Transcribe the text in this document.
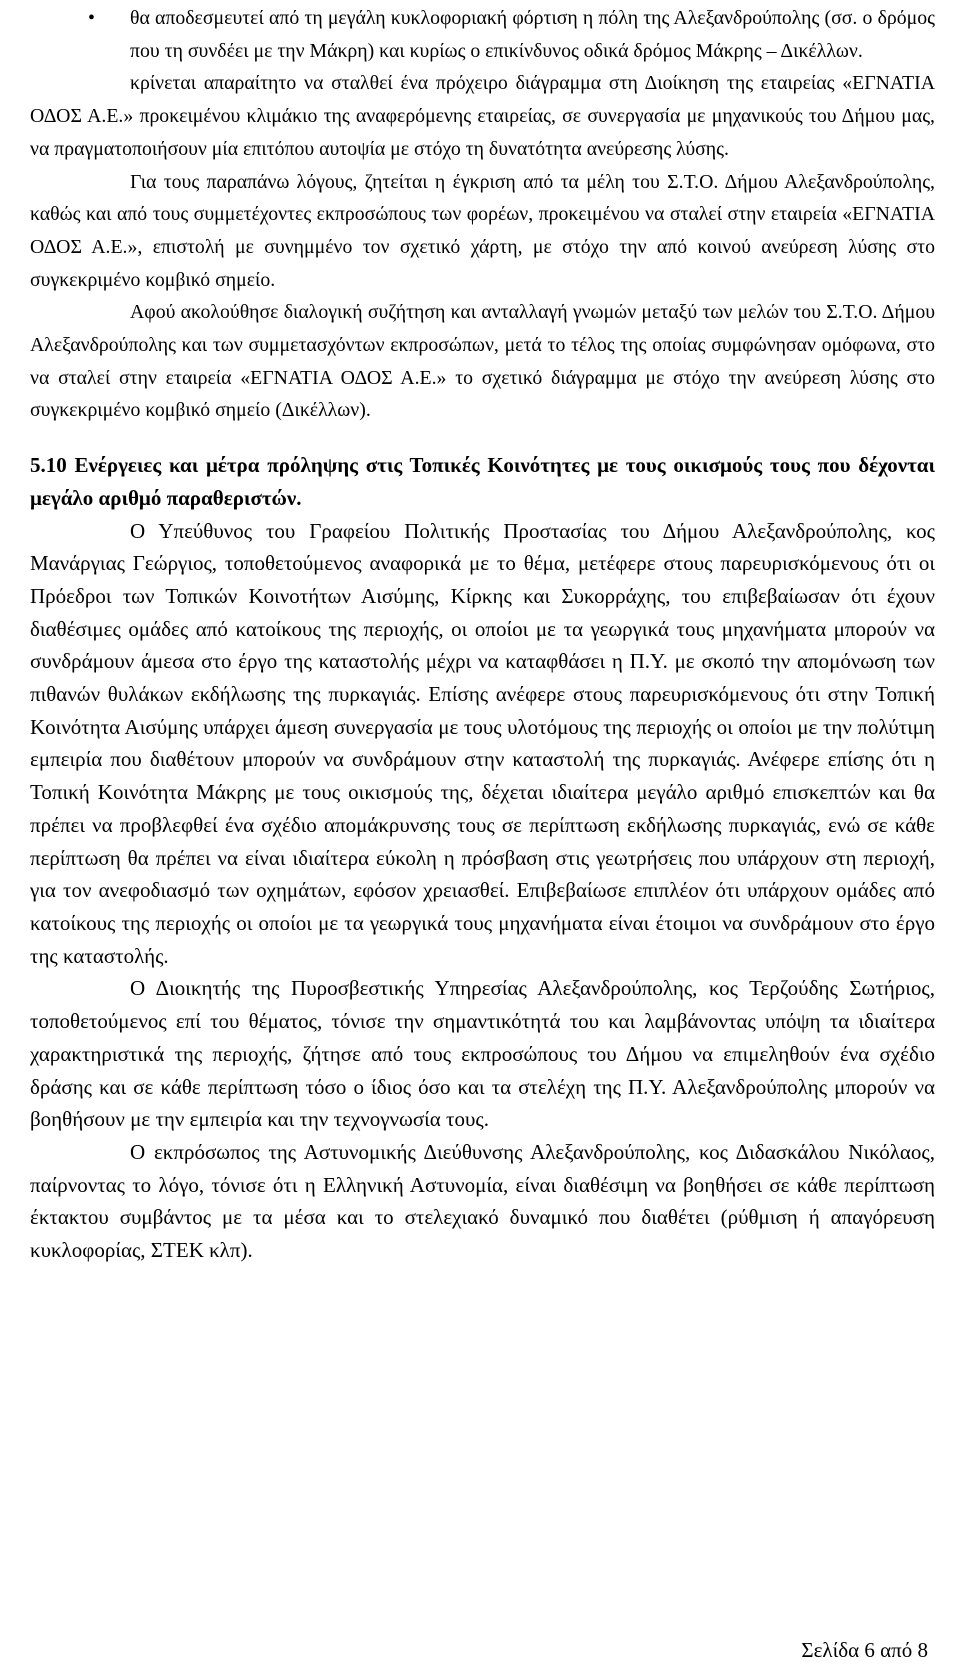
• θα αποδεσμευτεί από τη μεγάλη κυκλοφοριακή φόρτιση η πόλη της Αλεξανδρούπολης (σσ. ο δρόμος που τη συνδέει με την Μάκρη) και κυρίως ο επικίνδυνος οδικά δρόμος Μάκρης – Δικέλλων.

κρίνεται απαραίτητο να σταλθεί ένα πρόχειρο διάγραμμα στη Διοίκηση της εταιρείας «ΕΓΝΑΤΙΑ ΟΔΟΣ Α.Ε.» προκειμένου κλιμάκιο της αναφερόμενης εταιρείας, σε συνεργασία με μηχανικούς του Δήμου μας, να πραγματοποιήσουν μία επιτόπου αυτοψία με στόχο τη δυνατότητα ανεύρεσης λύσης.

Για τους παραπάνω λόγους, ζητείται η έγκριση από τα μέλη του Σ.Τ.Ο. Δήμου Αλεξανδρούπολης, καθώς και από τους συμμετέχοντες εκπροσώπους των φορέων, προκειμένου να σταλεί στην εταιρεία «ΕΓΝΑΤΙΑ ΟΔΟΣ Α.Ε.», επιστολή με συνημμένο τον σχετικό χάρτη, με στόχο την από κοινού ανεύρεση λύσης στο συγκεκριμένο κομβικό σημείο.

Αφού ακολούθησε διαλογική συζήτηση και ανταλλαγή γνωμών μεταξύ των μελών του Σ.Τ.Ο. Δήμου Αλεξανδρούπολης και των συμμετασχόντων εκπροσώπων, μετά το τέλος της οποίας συμφώνησαν ομόφωνα, στο να σταλεί στην εταιρεία «ΕΓΝΑΤΙΑ ΟΔΟΣ Α.Ε.» το σχετικό διάγραμμα με στόχο την ανεύρεση λύσης στο συγκεκριμένο κομβικό σημείο (Δικέλλων).

5.10 Ενέργειες και μέτρα πρόληψης στις Τοπικές Κοινότητες με τους οικισμούς τους που δέχονται μεγάλο αριθμό παραθεριστών.

Ο Υπεύθυνος του Γραφείου Πολιτικής Προστασίας του Δήμου Αλεξανδρούπολης, κος Μανάργιας Γεώργιος, τοποθετούμενος αναφορικά με το θέμα, μετέφερε στους παρευρισκόμενους ότι οι Πρόεδροι των Τοπικών Κοινοτήτων Αισύμης, Κίρκης και Συκορράχης, του επιβεβαίωσαν ότι έχουν διαθέσιμες ομάδες από κατοίκους της περιοχής, οι οποίοι με τα γεωργικά τους μηχανήματα μπορούν να συνδράμουν άμεσα στο έργο της καταστολής μέχρι να καταφθάσει η Π.Υ. με σκοπό την απομόνωση των πιθανών θυλάκων εκδήλωσης της πυρκαγιάς. Επίσης ανέφερε στους παρευρισκόμενους ότι στην Τοπική Κοινότητα Αισύμης υπάρχει άμεση συνεργασία με τους υλοτόμους της περιοχής οι οποίοι με την πολύτιμη εμπειρία που διαθέτουν μπορούν να συνδράμουν στην καταστολή της πυρκαγιάς. Ανέφερε επίσης ότι η Τοπική Κοινότητα Μάκρης με τους οικισμούς της, δέχεται ιδιαίτερα μεγάλο αριθμό επισκεπτών και θα πρέπει να προβλεφθεί ένα σχέδιο απομάκρυνσης τους σε περίπτωση εκδήλωσης πυρκαγιάς, ενώ σε κάθε περίπτωση θα πρέπει να είναι ιδιαίτερα εύκολη η πρόσβαση στις γεωτρήσεις που υπάρχουν στη περιοχή, για τον ανεφοδιασμό των οχημάτων, εφόσον χρειασθεί. Επιβεβαίωσε επιπλέον ότι υπάρχουν ομάδες από κατοίκους της περιοχής οι οποίοι με τα γεωργικά τους μηχανήματα είναι έτοιμοι να συνδράμουν στο έργο της καταστολής.

Ο Διοικητής της Πυροσβεστικής Υπηρεσίας Αλεξανδρούπολης, κος Τερζούδης Σωτήριος, τοποθετούμενος επί του θέματος, τόνισε την σημαντικότητά του και λαμβάνοντας υπόψη τα ιδιαίτερα χαρακτηριστικά της περιοχής, ζήτησε από τους εκπροσώπους του Δήμου να επιμεληθούν ένα σχέδιο δράσης και σε κάθε περίπτωση τόσο ο ίδιος όσο και τα στελέχη της Π.Υ. Αλεξανδρούπολης μπορούν να βοηθήσουν με την εμπειρία και την τεχνογνωσία τους.

Ο εκπρόσωπος της Αστυνομικής Διεύθυνσης Αλεξανδρούπολης, κος Διδασκάλου Νικόλαος, παίρνοντας το λόγο, τόνισε ότι η Ελληνική Αστυνομία, είναι διαθέσιμη να βοηθήσει σε κάθε περίπτωση έκτακτου συμβάντος με τα μέσα και το στελεχιακό δυναμικό που διαθέτει (ρύθμιση ή απαγόρευση κυκλοφορίας, ΣΤΕΚ κλπ).

Σελίδα 6 από 8
